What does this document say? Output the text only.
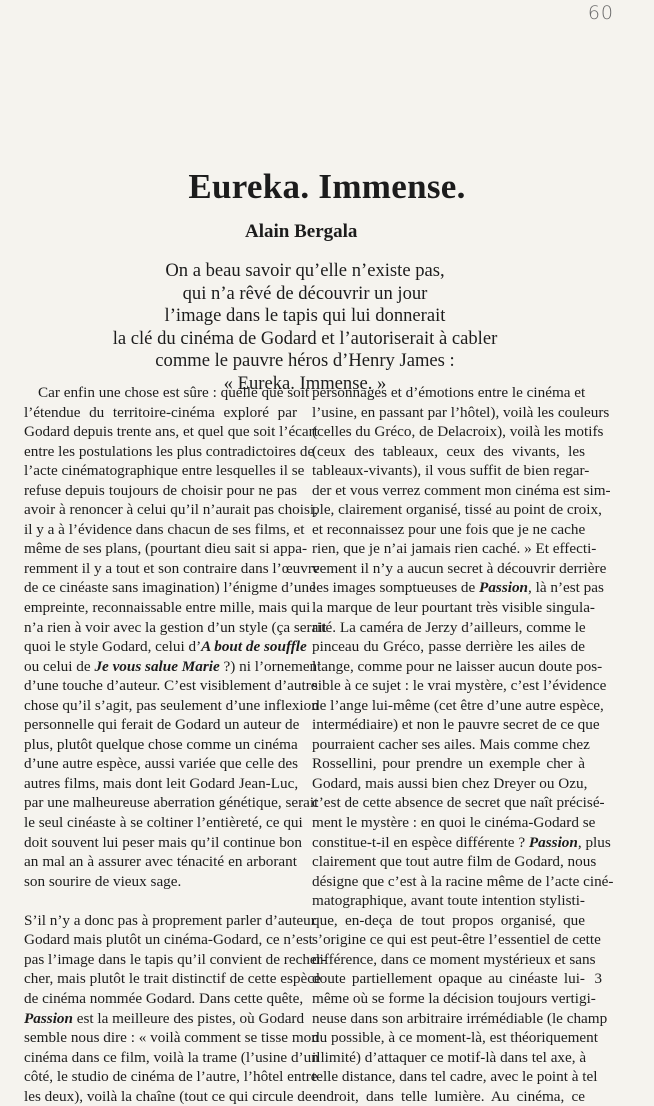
60
Eureka. Immense.
Alain Bergala
On a beau savoir qu’elle n’existe pas,
qui n’a rêvé de découvrir un jour
l’image dans le tapis qui lui donnerait
la clé du cinéma de Godard et l’autoriserait à cabler
comme le pauvre héros d’Henry James :
« Eureka. Immense. »
Car enfin une chose est sûre : quelle que soit
l’étendue du territoire-cinéma exploré par
Godard depuis trente ans, et quel que soit l’écart
entre les postulations les plus contradictoires de
l’acte cinématographique entre lesquelles il se
refuse depuis toujours de choisir pour ne pas
avoir à renoncer à celui qu’il n’aurait pas choisi,
il y a à l’évidence dans chacun de ses films, et
même de ses plans, (pourtant dieu sait si appa-
remment il y a tout et son contraire dans l’œuvre
de ce cinéaste sans imagination) l’énigme d’une
empreinte, reconnaissable entre mille, mais qui
n’a rien à voir avec la gestion d’un style (ça serait
quoi le style Godard, celui d’A bout de souffle
ou celui de Je vous salue Marie ?) ni l’ornement
d’une touche d’auteur. C’est visiblement d’autre
chose qu’il s’agit, pas seulement d’une inflexion
personnelle qui ferait de Godard un auteur de
plus, plutôt quelque chose comme un cinéma
d’une autre espèce, aussi variée que celle des
autres films, mais dont leit Godard Jean-Luc,
par une malheureuse aberration génétique, serait
le seul cinéaste à se coltiner l’entièreté, ce qui
doit souvent lui peser mais qu’il continue bon
an mal an à assurer avec ténacité en arborant
son sourire de vieux sage.
S’il n’y a donc pas à proprement parler d’auteur
Godard mais plutôt un cinéma-Godard, ce n’est
pas l’image dans le tapis qu’il convient de recher-
cher, mais plutôt le trait distinctif de cette espèce
de cinéma nommée Godard. Dans cette quête,
Passion est la meilleure des pistes, où Godard
semble nous dire : « voilà comment se tisse mon
cinéma dans ce film, voilà la trame (l’usine d’un
côté, le studio de cinéma de l’autre, l’hôtel entre
les deux), voilà la chaîne (tout ce qui circule de
personnages et d’émotions entre le cinéma et
l’usine, en passant par l’hôtel), voilà les couleurs
(celles du Gréco, de Delacroix), voilà les motifs
(ceux des tableaux, ceux des vivants, les
tableaux-vivants), il vous suffit de bien regar-
der et vous verrez comment mon cinéma est sim-
ple, clairement organisé, tissé au point de croix,
et reconnaissez pour une fois que je ne cache
rien, que je n’ai jamais rien caché. » Et effecti-
vement il n’y a aucun secret à découvrir derrière
les images somptueuses de Passion, là n’est pas
la marque de leur pourtant très visible singula-
rité. La caméra de Jerzy d’ailleurs, comme le
pinceau du Gréco, passe derrière les ailes de
l’ange, comme pour ne laisser aucun doute pos-
sible à ce sujet : le vrai mystère, c’est l’évidence
de l’ange lui-même (cet être d’une autre espèce,
intermédiaire) et non le pauvre secret de ce que
pourraient cacher ses ailes. Mais comme chez
Rossellini, pour prendre un exemple cher à
Godard, mais aussi bien chez Dreyer ou Ozu,
c’est de cette absence de secret que naît précisé-
ment le mystère : en quoi le cinéma-Godard se
constitue-t-il en espèce différente ? Passion, plus
clairement que tout autre film de Godard, nous
désigne que c’est à la racine même de l’acte ciné-
matographique, avant toute intention stylisti-
que, en-deça de tout propos organisé, que
s’origine ce qui est peut-être l’essentiel de cette
différence, dans ce moment mystérieux et sans
doute partiellement opaque au cinéaste lui-
même où se forme la décision toujours vertigi-
neuse dans son arbitraire irrémédiable (le champ
du possible, à ce moment-là, est théoriquement
illimité) d’attaquer ce motif-là dans tel axe, à
telle distance, dans tel cadre, avec le point à tel
endroit, dans telle lumière. Au cinéma, ce
3
